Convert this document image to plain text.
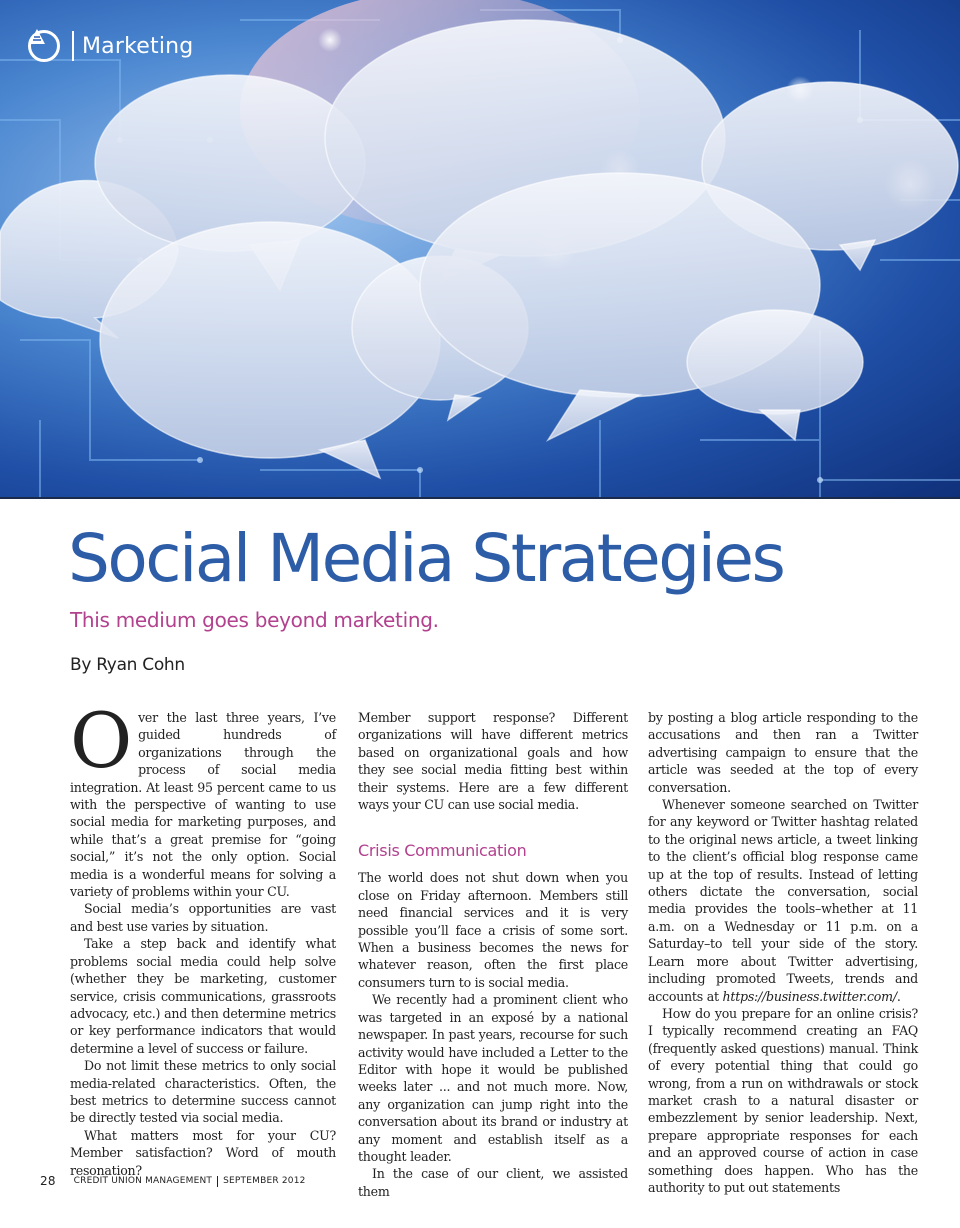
Marketing
Social Media Strategies
This medium goes beyond marketing.
By Ryan Cohn

Over the last three years, I’ve guided hundreds of organizations through the process of social media integration. At least 95 percent came to us with the perspective of wanting to use social media for marketing purposes, and while that’s a great premise for “going social,” it’s not the only option. Social media is a wonderful means for solving a variety of problems within your CU.

Social media’s opportunities are vast and best use varies by situation.

Take a step back and identify what problems social media could help solve (whether they be marketing, customer service, crisis communications, grassroots advocacy, etc.) and then determine metrics or key performance indicators that would determine a level of success or failure.

Do not limit these metrics to only social media-related characteristics. Often, the best metrics to determine success cannot be directly tested via social media.

What matters most for your CU? Member satisfaction? Word of mouth resonation?

Member support response? Different organizations will have different metrics based on organizational goals and how they see social media fitting best within their systems. Here are a few different ways your CU can use social media.

Crisis Communication

The world does not shut down when you close on Friday afternoon. Members still need financial services and it is very possible you’ll face a crisis of some sort. When a business becomes the news for whatever reason, often the first place consumers turn to is social media.

We recently had a prominent client who was targeted in an exposé by a national newspaper. In past years, recourse for such activity would have included a Letter to the Editor with hope it would be published weeks later ... and not much more. Now, any organization can jump right into the conversation about its brand or industry at any moment and establish itself as a thought leader.

In the case of our client, we assisted them

by posting a blog article responding to the accusations and then ran a Twitter advertising campaign to ensure that the article was seeded at the top of every conversation.

Whenever someone searched on Twitter for any keyword or Twitter hashtag related to the original news article, a tweet linking to the client’s official blog response came up at the top of results. Instead of letting others dictate the conversation, social media provides the tools–whether at 11 a.m. on a Wednesday or 11 p.m. on a Saturday–to tell your side of the story. Learn more about Twitter advertising, including promoted Tweets, trends and accounts at https://business.twitter.com/.

How do you prepare for an online crisis? I typically recommend creating an FAQ (frequently asked questions) manual. Think of every potential thing that could go wrong, from a run on withdrawals or stock market crash to a natural disaster or embezzlement by senior leadership. Next, prepare appropriate responses for each and an approved course of action in case something does happen. Who has the authority to put out statements

28 CREDIT UNION MANAGEMENT SEPTEMBER 2012
